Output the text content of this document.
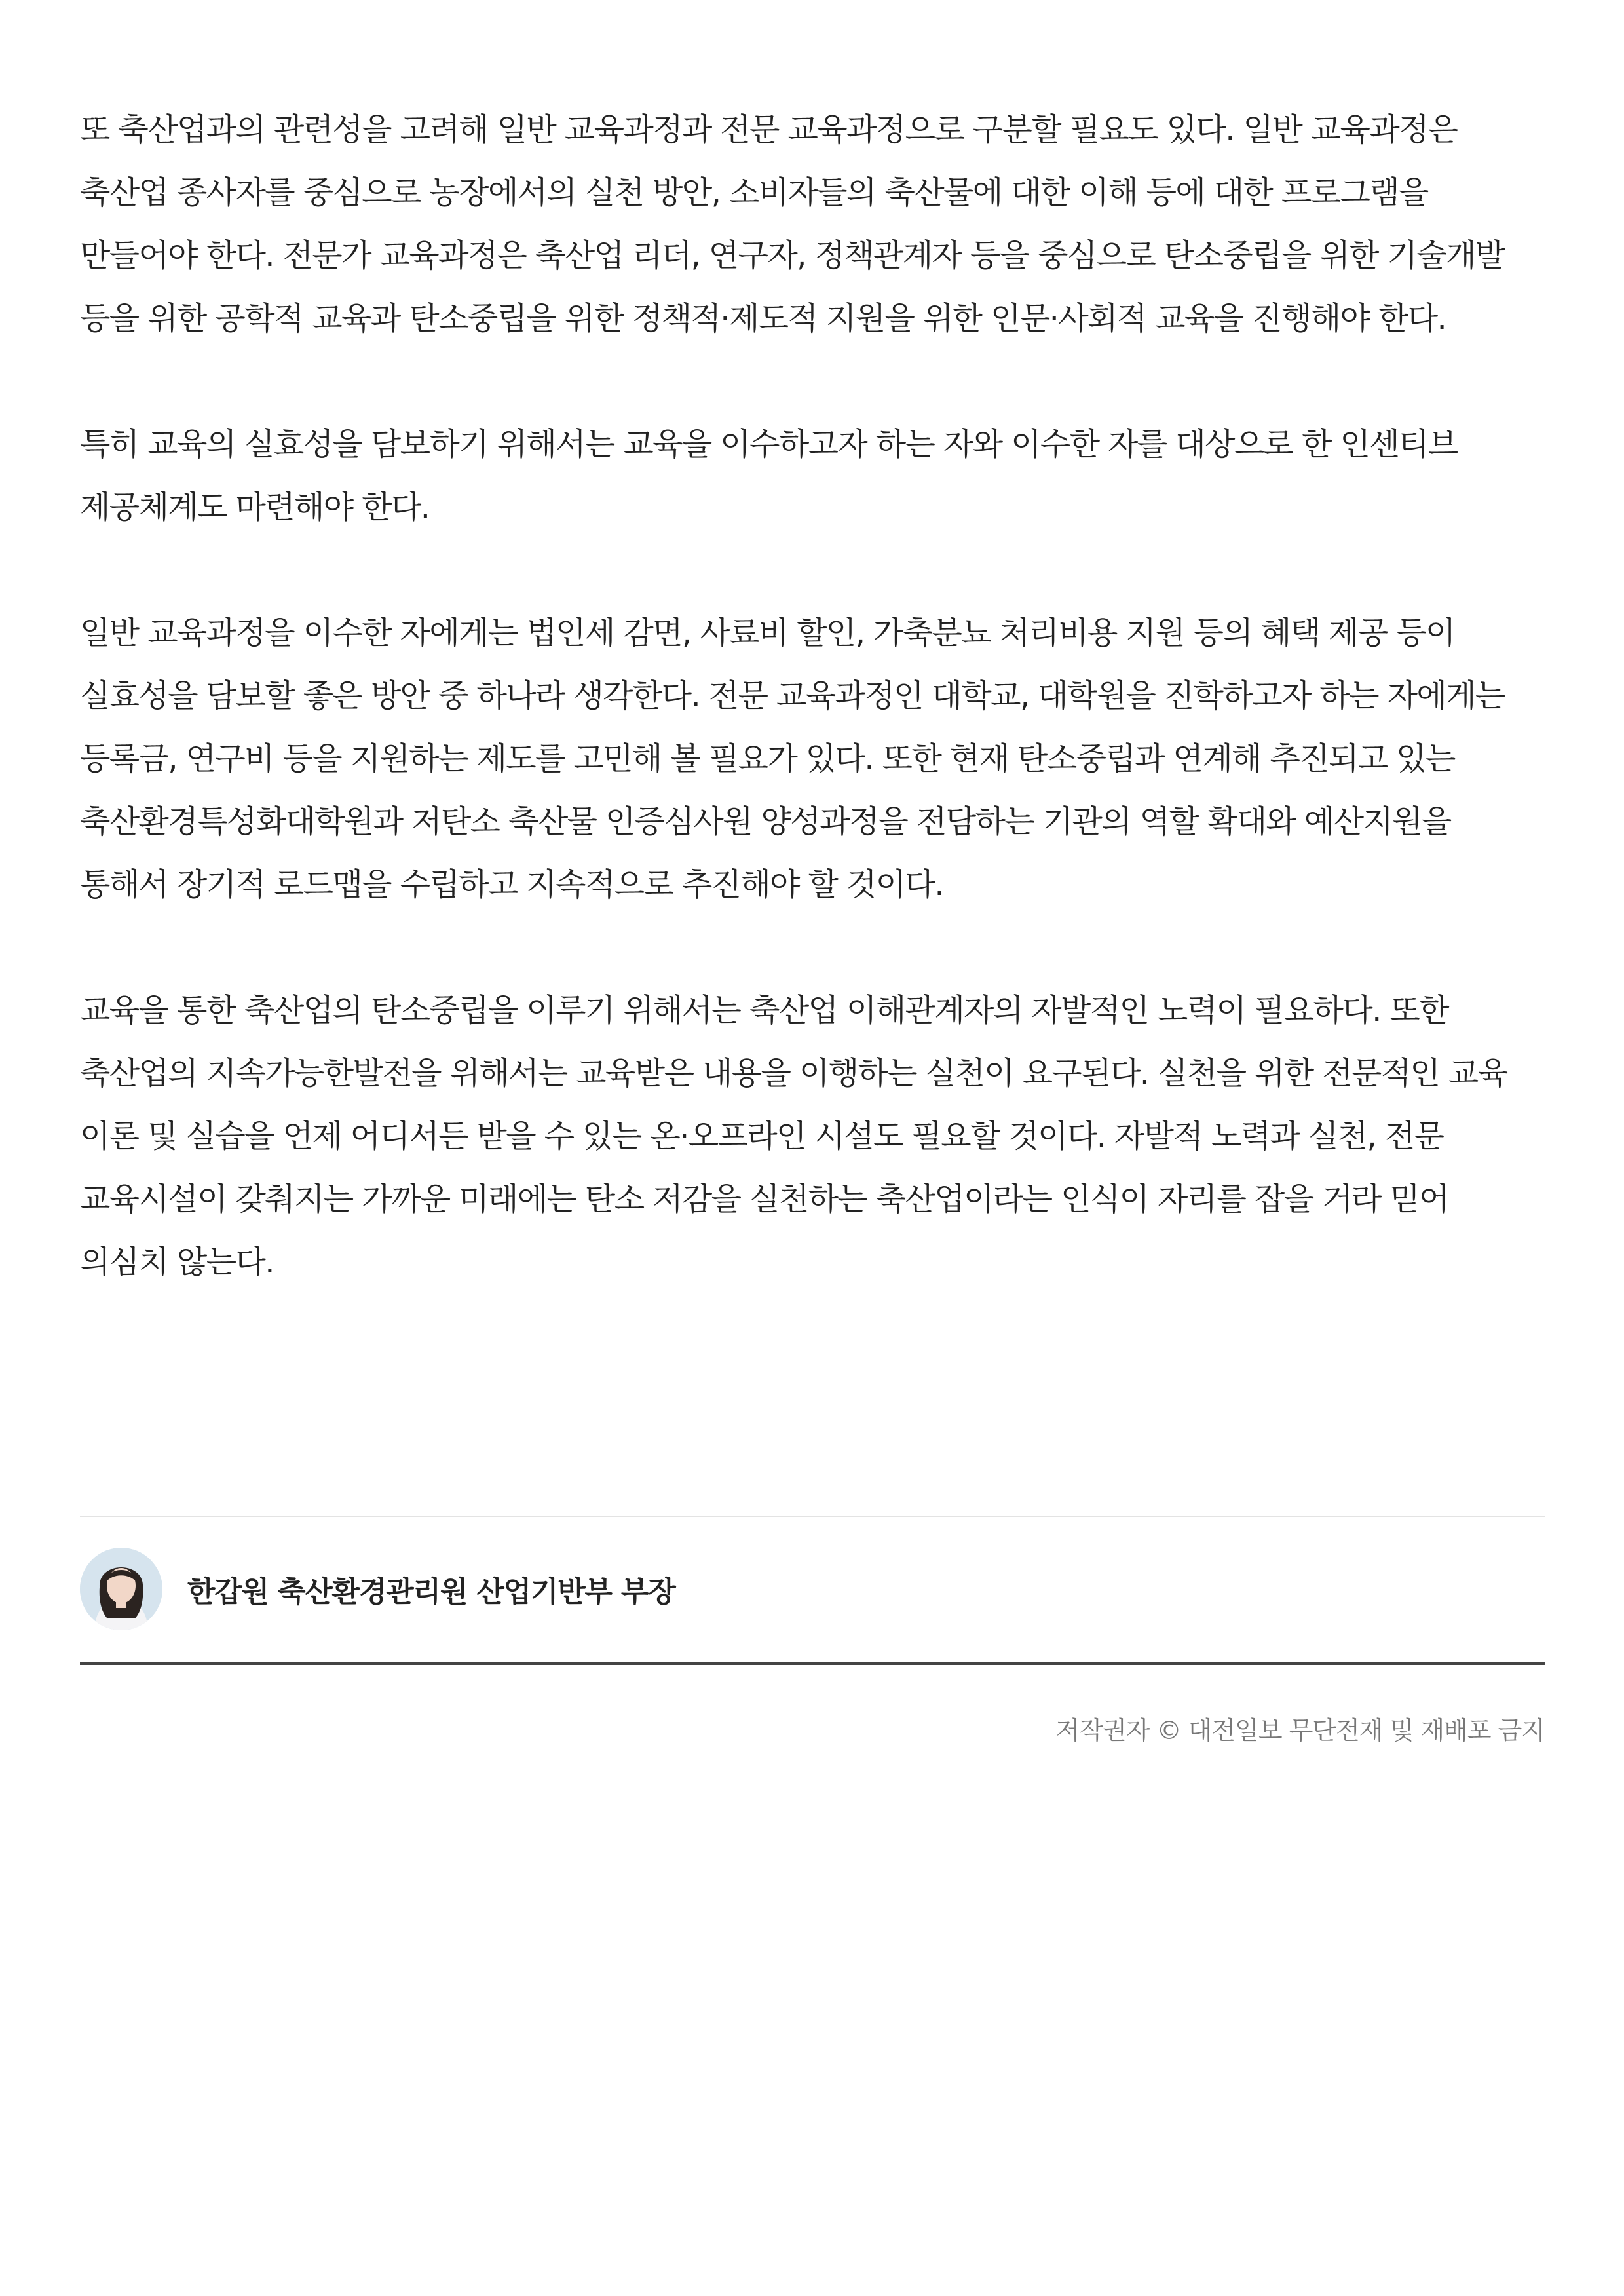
또 축산업과의 관련성을 고려해 일반 교육과정과 전문 교육과정으로 구분할 필요도 있다. 일반 교육과정은 축산업 종사자를 중심으로 농장에서의 실천 방안, 소비자들의 축산물에 대한 이해 등에 대한 프로그램을 만들어야 한다. 전문가 교육과정은 축산업 리더, 연구자, 정책관계자 등을 중심으로 탄소중립을 위한 기술개발 등을 위한 공학적 교육과 탄소중립을 위한 정책적·제도적 지원을 위한 인문·사회적 교육을 진행해야 한다.

특히 교육의 실효성을 담보하기 위해서는 교육을 이수하고자 하는 자와 이수한 자를 대상으로 한 인센티브 제공체계도 마련해야 한다.

일반 교육과정을 이수한 자에게는 법인세 감면, 사료비 할인, 가축분뇨 처리비용 지원 등의 혜택 제공 등이 실효성을 담보할 좋은 방안 중 하나라 생각한다. 전문 교육과정인 대학교, 대학원을 진학하고자 하는 자에게는 등록금, 연구비 등을 지원하는 제도를 고민해 볼 필요가 있다. 또한 현재 탄소중립과 연계해 추진되고 있는 축산환경특성화대학원과 저탄소 축산물 인증심사원 양성과정을 전담하는 기관의 역할 확대와 예산지원을 통해서 장기적 로드맵을 수립하고 지속적으로 추진해야 할 것이다.

교육을 통한 축산업의 탄소중립을 이루기 위해서는 축산업 이해관계자의 자발적인 노력이 필요하다. 또한 축산업의 지속가능한발전을 위해서는 교육받은 내용을 이행하는 실천이 요구된다. 실천을 위한 전문적인 교육 이론 및 실습을 언제 어디서든 받을 수 있는 온·오프라인 시설도 필요할 것이다. 자발적 노력과 실천, 전문 교육시설이 갖춰지는 가까운 미래에는 탄소 저감을 실천하는 축산업이라는 인식이 자리를 잡을 거라 믿어 의심치 않는다.

한갑원 축산환경관리원 산업기반부 부장
저작권자 © 대전일보 무단전재 및 재배포 금지
